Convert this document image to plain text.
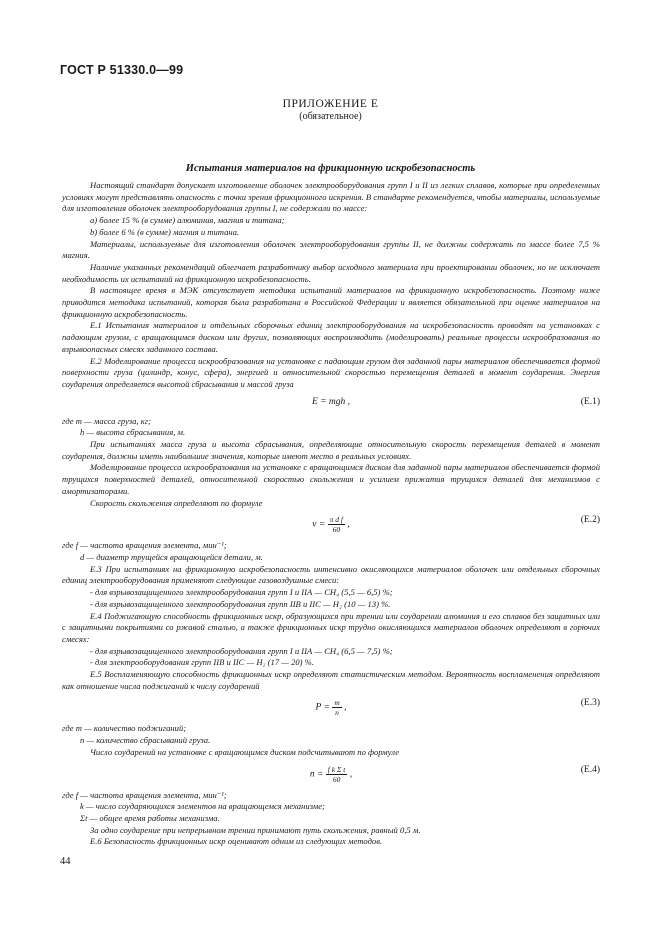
ГОСТ Р 51330.0—99
ПРИЛОЖЕНИЕ Е
(обязательное)
Испытания материалов на фрикционную искробезопасность

Настоящий стандарт допускает изготовление оболочек электрооборудования групп I и II из легких сплавов, которые при определенных условиях могут представлять опасность с точки зрения фрикционного искрения. В стандарте рекомендуется, чтобы материалы, используемые для изготовления оболочек электрооборудования группы I, не содержали по массе:

а) более 15 % (в сумме) алюминия, магния и титана;

b) более 6 % (в сумме) магния и титана.

Материалы, используемые для изготовления оболочек электрооборудования группы II, не должны содержать по массе более 7,5 % магния.

Наличие указанных рекомендаций облегчает разработчику выбор исходного материала при проектировании оболочек, но не исключает необходимость их испытаний на фрикционную искробезопасность.

В настоящее время в МЭК отсутствует методика испытаний материалов на фрикционную искробезопасность. Поэтому ниже приводится методика испытаний, которая была разработана в Российской Федерации и является обязательной при оценке материалов на фрикционную искробезопасность.

Е.1 Испытания материалов и отдельных сборочных единиц электрооборудования на искробезопасность проводят на установках с падающим грузом, с вращающимся диском или других, позволяющих воспроизводить (моделировать) реальные процессы искрообразования во взрывоопасных смесях заданного состава.

Е.2 Моделирование процесса искрообразования на установке с падающим грузом для заданной пары материалов обеспечивается формой поверхности груза (цилиндр, конус, сфера), энергией и относительной скоростью перемещения деталей в момент соударения. Энергия соударения определяется высотой сбрасывания и массой груза

E = mgh ,	(Е.1)

где m — масса груза, кг;

h — высота сбрасывания, м.

При испытаниях масса груза и высота сбрасывания, определяющие относительную скорость перемещения деталей в момент соударения, должны иметь наибольшие значения, которые имеют место в реальных условиях.

Моделирование процесса искрообразования на установке с вращающимся диском для заданной пары материалов обеспечивается формой трущихся поверхностей деталей, относительной скоростью скольжения и усилием прижатия трущихся деталей для механизмов с амортизаторами.

Скорость скольжения определяют по формуле

$v = \frac{\text{π d f}}{60}$ ,	(Е.2)

где f — частота вращения элемента, мин⁻¹;

d — диаметр трущейся вращающейся детали, м.

Е.3 При испытаниях на фрикционную искробезопасность интенсивно окисляющихся материалов оболочек или отдельных сборочных единиц электрооборудования применяют следующие газовоздушные смеси:

- для взрывозащищенного электрооборудования групп I и IIА — CH₄ (5,5 — 6,5) %;

- для взрывозащищенного электрооборудования групп IIВ и IIС — H₂ (10 — 13) %.

Е.4 Поджигающую способность фрикционных искр, образующихся при трении или соударении алюминия и его сплавов без защитных или с защитными покрытиями со ржавой сталью, а также фрикционных искр трудно окисляющихся материалов оболочек определяют в горючих смесях:

- для взрывозащищенного электрооборудования групп I и IIА — CH₄ (6,5 — 7,5) %;

- для электрооборудования групп IIВ и IIС — H₂ (17 — 20) %.

Е.5 Воспламеняющую способность фрикционных искр определяют статистическим методом. Вероятность воспламенения определяют как отношение числа поджиганий к числу соударений

$P = \frac{m}{n}$ ,	(Е.3)

где m — количество поджиганий;

n — количество сбрасываний груза.

Число соударений на установке с вращающимся диском подсчитывают по формуле

$n = \frac{\text{f k Σ t}}{60}$ ,	(Е.4)

где f — частота вращения элемента, мин⁻¹;

k — число соударяющихся элементов на вращающемся механизме;

Σt — общее время работы механизма.

За одно соударение при непрерывном трении принимают путь скольжения, равный 0,5 м.

Е.6 Безопасность фрикционных искр оценивают одним из следующих методов.

44
